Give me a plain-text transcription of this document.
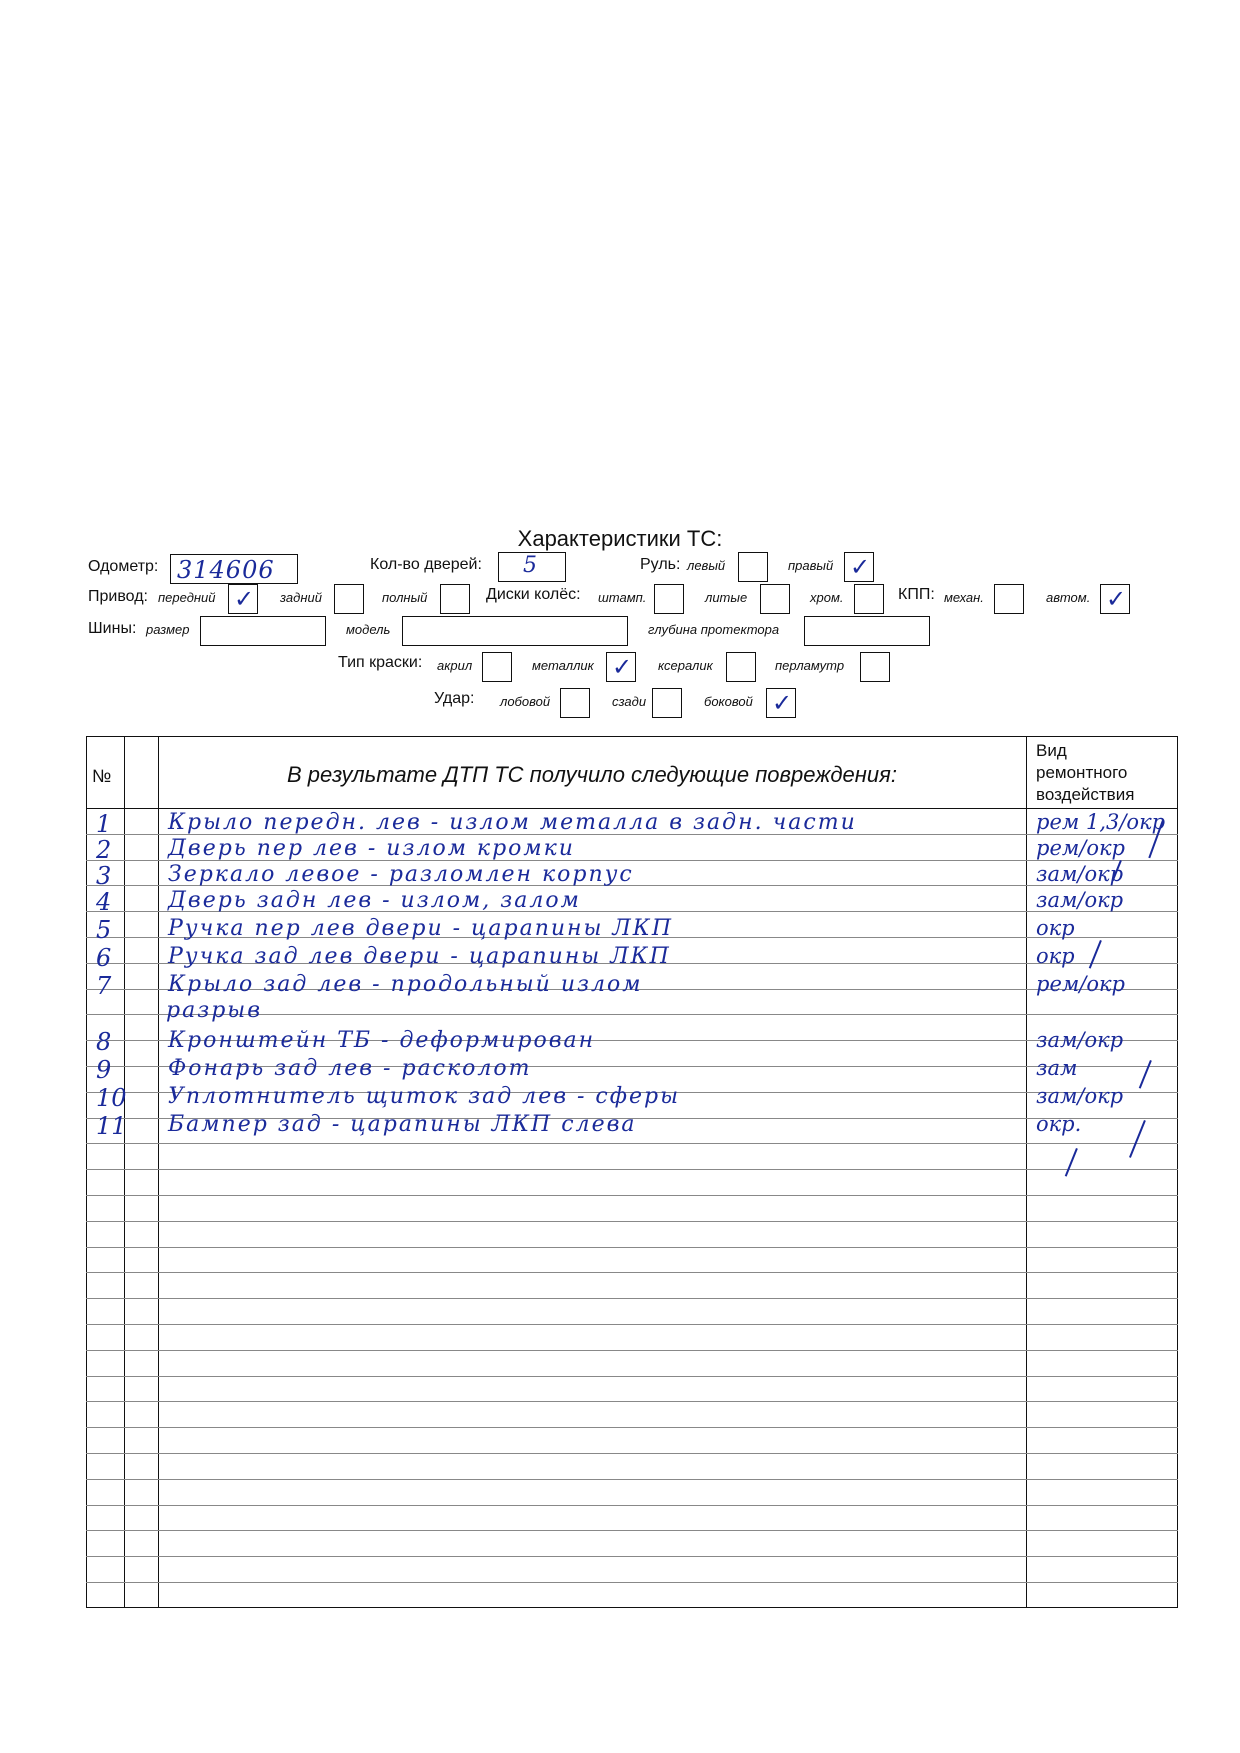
Характеристики ТС:
Одометр: 314606	Кол-во дверей: 5	Руль: левый	правый ✓
Привод: передний ✓ задний	полный	Диски колёс: штамп.	литые	хром.	КПП: механ.	автом. ✓
Шины: размер	модель	глубина протектора
Тип краски: акрил	металлик ✓ ксералик	перламутр
Удар: лобовой	сзади	боковой ✓
№	В результате ДТП ТС получило следующие повреждения:
Вид
ремонтного
воздействия
1	Крыло передн. лев - излом металла в задн. части	рем 1,3/окр
2	Дверь пер лев - излом кромки	рем/окр
3	Зеркало левое - разломлен корпус	зам/окр
4	Дверь задн лев - излом, залом	зам/окр
5	Ручка пер лев двери - царапины ЛКП	окр
6	Ручка зад лев двери - царапины ЛКП	окр
7	Крыло зад лев - продольный излом	рем/окр
разрыв
8	Кронштейн ТБ - деформирован	зам/окр
9	Фонарь зад лев - расколот	зам
10 Уплотнитель щиток зад лев - сферы	зам/окр
11 Бампер зад - царапины ЛКП слева	окр.
